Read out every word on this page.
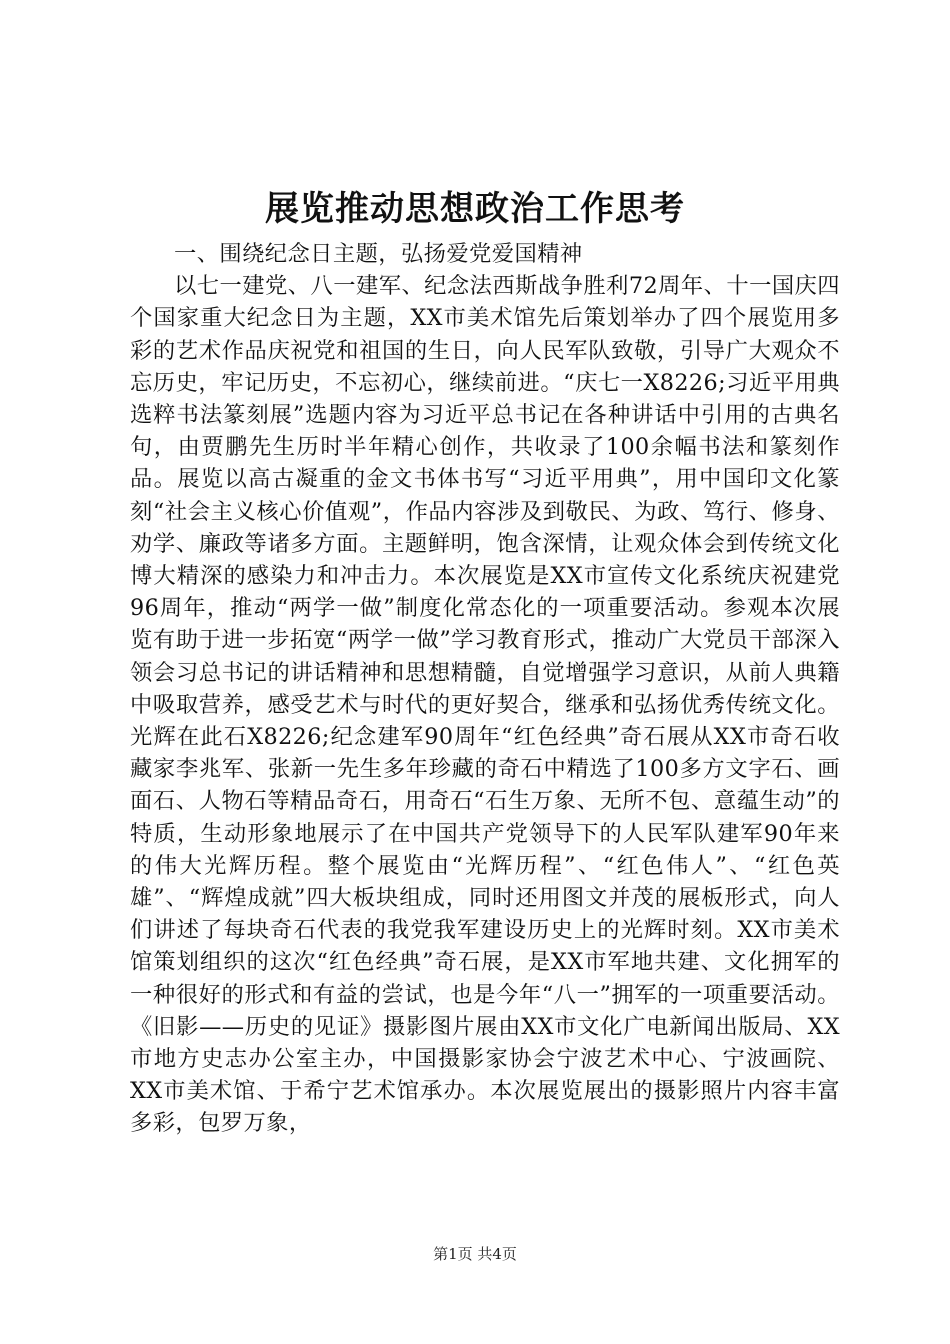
展览推动思想政治工作思考

一、围绕纪念日主题，弘扬爱党爱国精神

以七一建党、八一建军、纪念法西斯战争胜利72周年、十一国庆四个国家重大纪念日为主题，XX市美术馆先后策划举办了四个展览用多彩的艺术作品庆祝党和祖国的生日，向人民军队致敬，引导广大观众不忘历史，牢记历史，不忘初心，继续前进。“庆七一X8226;习近平用典选粹书法篆刻展”选题内容为习近平总书记在各种讲话中引用的古典名句，由贾鹏先生历时半年精心创作，共收录了100余幅书法和篆刻作品。展览以高古凝重的金文书体书写“习近平用典”，用中国印文化篆刻“社会主义核心价值观”，作品内容涉及到敬民、为政、笃行、修身、劝学、廉政等诸多方面。主题鲜明，饱含深情，让观众体会到传统文化博大精深的感染力和冲击力。本次展览是XX市宣传文化系统庆祝建党96周年，推动“两学一做”制度化常态化的一项重要活动。参观本次展览有助于进一步拓宽“两学一做”学习教育形式，推动广大党员干部深入领会习总书记的讲话精神和思想精髓，自觉增强学习意识，从前人典籍中吸取营养，感受艺术与时代的更好契合，继承和弘扬优秀传统文化。光辉在此石X8226;纪念建军90周年“红色经典”奇石展从XX市奇石收藏家李兆军、张新一先生多年珍藏的奇石中精选了100多方文字石、画面石、人物石等精品奇石，用奇石“石生万象、无所不包、意蕴生动”的特质，生动形象地展示了在中国共产党领导下的人民军队建军90年来的伟大光辉历程。整个展览由“光辉历程”、“红色伟人”、“红色英雄”、“辉煌成就”四大板块组成，同时还用图文并茂的展板形式，向人们讲述了每块奇石代表的我党我军建设历史上的光辉时刻。XX市美术馆策划组织的这次“红色经典”奇石展，是XX市军地共建、文化拥军的一种很好的形式和有益的尝试，也是今年“八一”拥军的一项重要活动。《旧影——历史的见证》摄影图片展由XX市文化广电新闻出版局、XX市地方史志办公室主办，中国摄影家协会宁波艺术中心、宁波画院、XX市美术馆、于希宁艺术馆承办。本次展览展出的摄影照片内容丰富多彩，包罗万象，

第1页 共4页
